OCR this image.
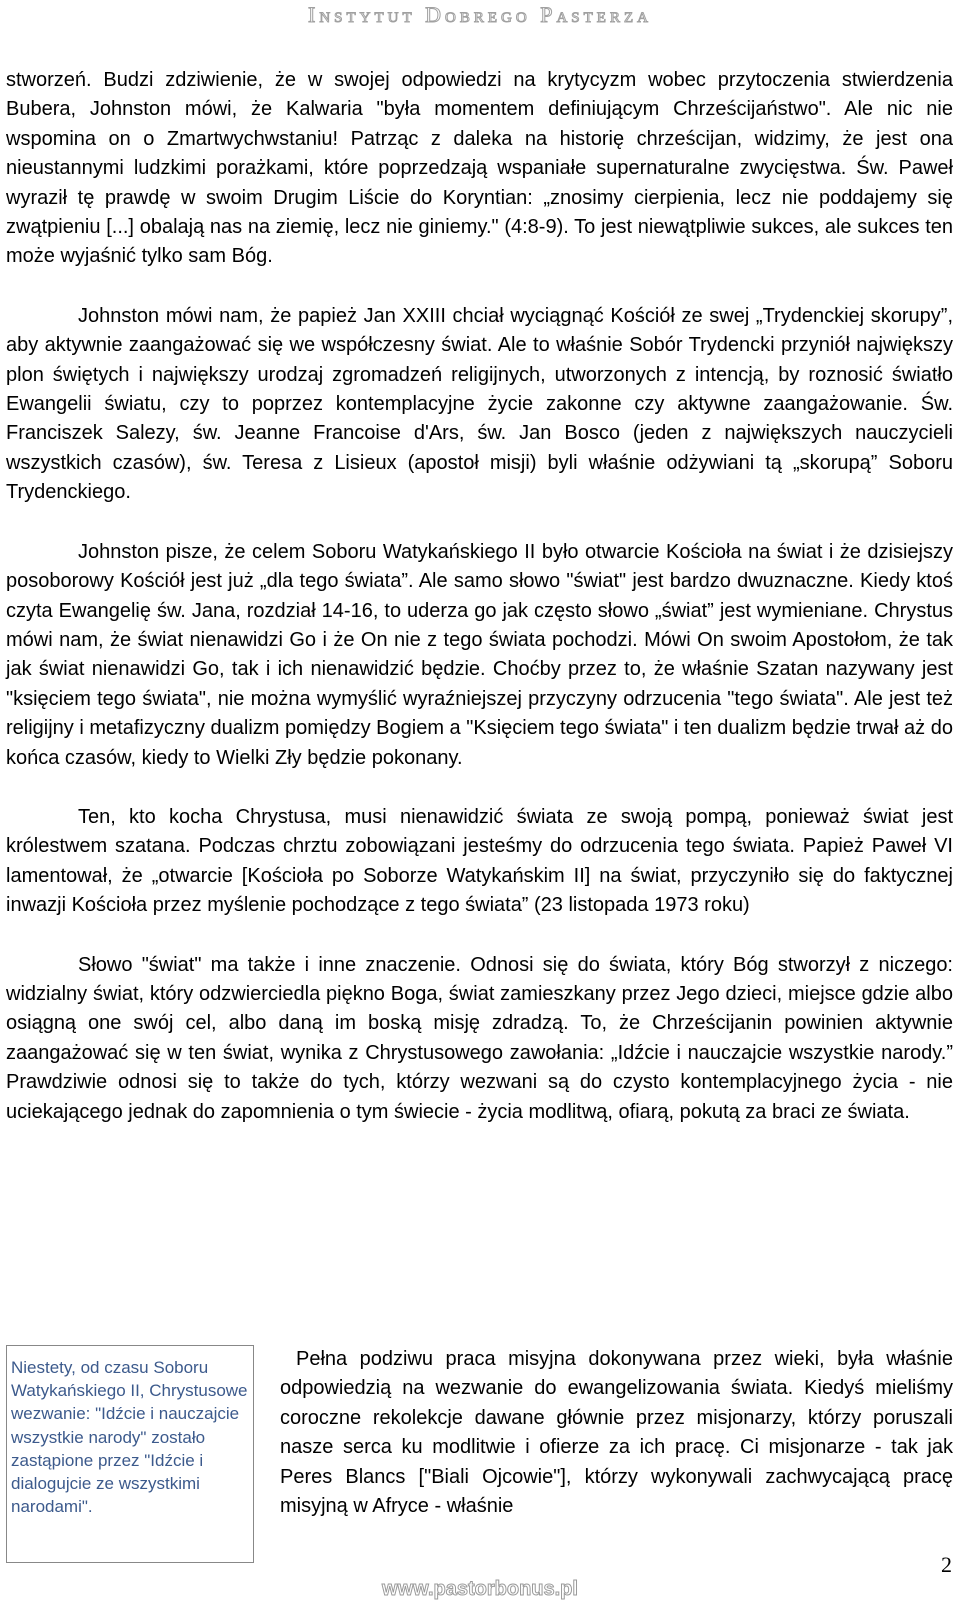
Instytut Dobrego Pasterza

stworzeń. Budzi zdziwienie, że w swojej odpowiedzi na krytycyzm wobec przytoczenia stwierdzenia Bubera, Johnston mówi, że Kalwaria "była momentem definiującym Chrześcijaństwo". Ale nic nie wspomina on o Zmartwychwstaniu! Patrząc z daleka na historię chrześcijan, widzimy, że jest ona nieustannymi ludzkimi porażkami, które poprzedzają wspaniałe supernaturalne zwycięstwa. Św. Paweł wyraził tę prawdę w swoim Drugim Liście do Koryntian: „znosimy cierpienia, lecz nie poddajemy się zwątpieniu [...] obalają nas na ziemię, lecz nie giniemy." (4:8-9). To jest niewątpliwie sukces, ale sukces ten może wyjaśnić tylko sam Bóg.

Johnston mówi nam, że papież Jan XXIII chciał wyciągnąć Kościół ze swej „Trydenckiej skorupy”, aby aktywnie zaangażować się we współczesny świat. Ale to właśnie Sobór Trydencki przyniół największy plon świętych i największy urodzaj zgromadzeń religijnych, utworzonych z intencją, by roznosić światło Ewangelii światu, czy to poprzez kontemplacyjne życie zakonne czy aktywne zaangażowanie. Św. Franciszek Salezy, św. Jeanne Francoise d'Ars, św. Jan Bosco (jeden z największych nauczycieli wszystkich czasów), św. Teresa z Lisieux (apostoł misji) byli właśnie odżywiani tą „skorupą” Soboru Trydenckiego.

Johnston pisze, że celem Soboru Watykańskiego II było otwarcie Kościoła na świat i że dzisiejszy posoborowy Kościół jest już „dla tego świata”. Ale samo słowo "świat" jest bardzo dwuznaczne. Kiedy ktoś czyta Ewangelię św. Jana, rozdział 14-16, to uderza go jak często słowo „świat” jest wymieniane. Chrystus mówi nam, że świat nienawidzi Go i że On nie z tego świata pochodzi. Mówi On swoim Apostołom, że tak jak świat nienawidzi Go, tak i ich nienawidzić będzie. Choćby przez to, że właśnie Szatan nazywany jest "księciem tego świata", nie można wymyślić wyraźniejszej przyczyny odrzucenia "tego świata". Ale jest też religijny i metafizyczny dualizm pomiędzy Bogiem a "Księciem tego świata" i ten dualizm będzie trwał aż do końca czasów, kiedy to Wielki Zły będzie pokonany.

Ten, kto kocha Chrystusa, musi nienawidzić świata ze swoją pompą, ponieważ świat jest królestwem szatana. Podczas chrztu zobowiązani jesteśmy do odrzucenia tego świata. Papież Paweł VI lamentował, że „otwarcie [Kościoła po Soborze Watykańskim II] na świat, przyczyniło się do faktycznej inwazji Kościoła przez myślenie pochodzące z tego świata” (23 listopada 1973 roku)

Słowo "świat" ma także i inne znaczenie. Odnosi się do świata, który Bóg stworzył z niczego: widzialny świat, który odzwierciedla piękno Boga, świat zamieszkany przez Jego dzieci, miejsce gdzie albo osiągną one swój cel, albo daną im boską misję zdradzą. To, że Chrześcijanin powinien aktywnie zaangażować się w ten świat, wynika z Chrystusowego zawołania: „Idźcie i nauczajcie wszystkie narody.” Prawdziwie odnosi się to także do tych, którzy wezwani są do czysto kontemplacyjnego życia - nie uciekającego jednak do zapomnienia o tym świecie - życia modlitwą, ofiarą, pokutą za braci ze świata.

Niestety, od czasu Soboru Watykańskiego II, Chrystusowe wezwanie: "Idźcie i nauczajcie wszystkie narody" zostało zastąpione przez "Idźcie i dialogujcie ze wszystkimi narodami".

Pełna podziwu praca misyjna dokonywana przez wieki, była właśnie odpowiedzią na wezwanie do ewangelizowania świata. Kiedyś mieliśmy coroczne rekolekcje dawane głównie przez misjonarzy, którzy poruszali nasze serca ku modlitwie i ofierze za ich pracę. Ci misjonarze - tak jak Peres Blancs ["Biali Ojcowie"], którzy wykonywali zachwycającą pracę misyjną w Afryce - właśnie

2
www.pastorbonus.pl
